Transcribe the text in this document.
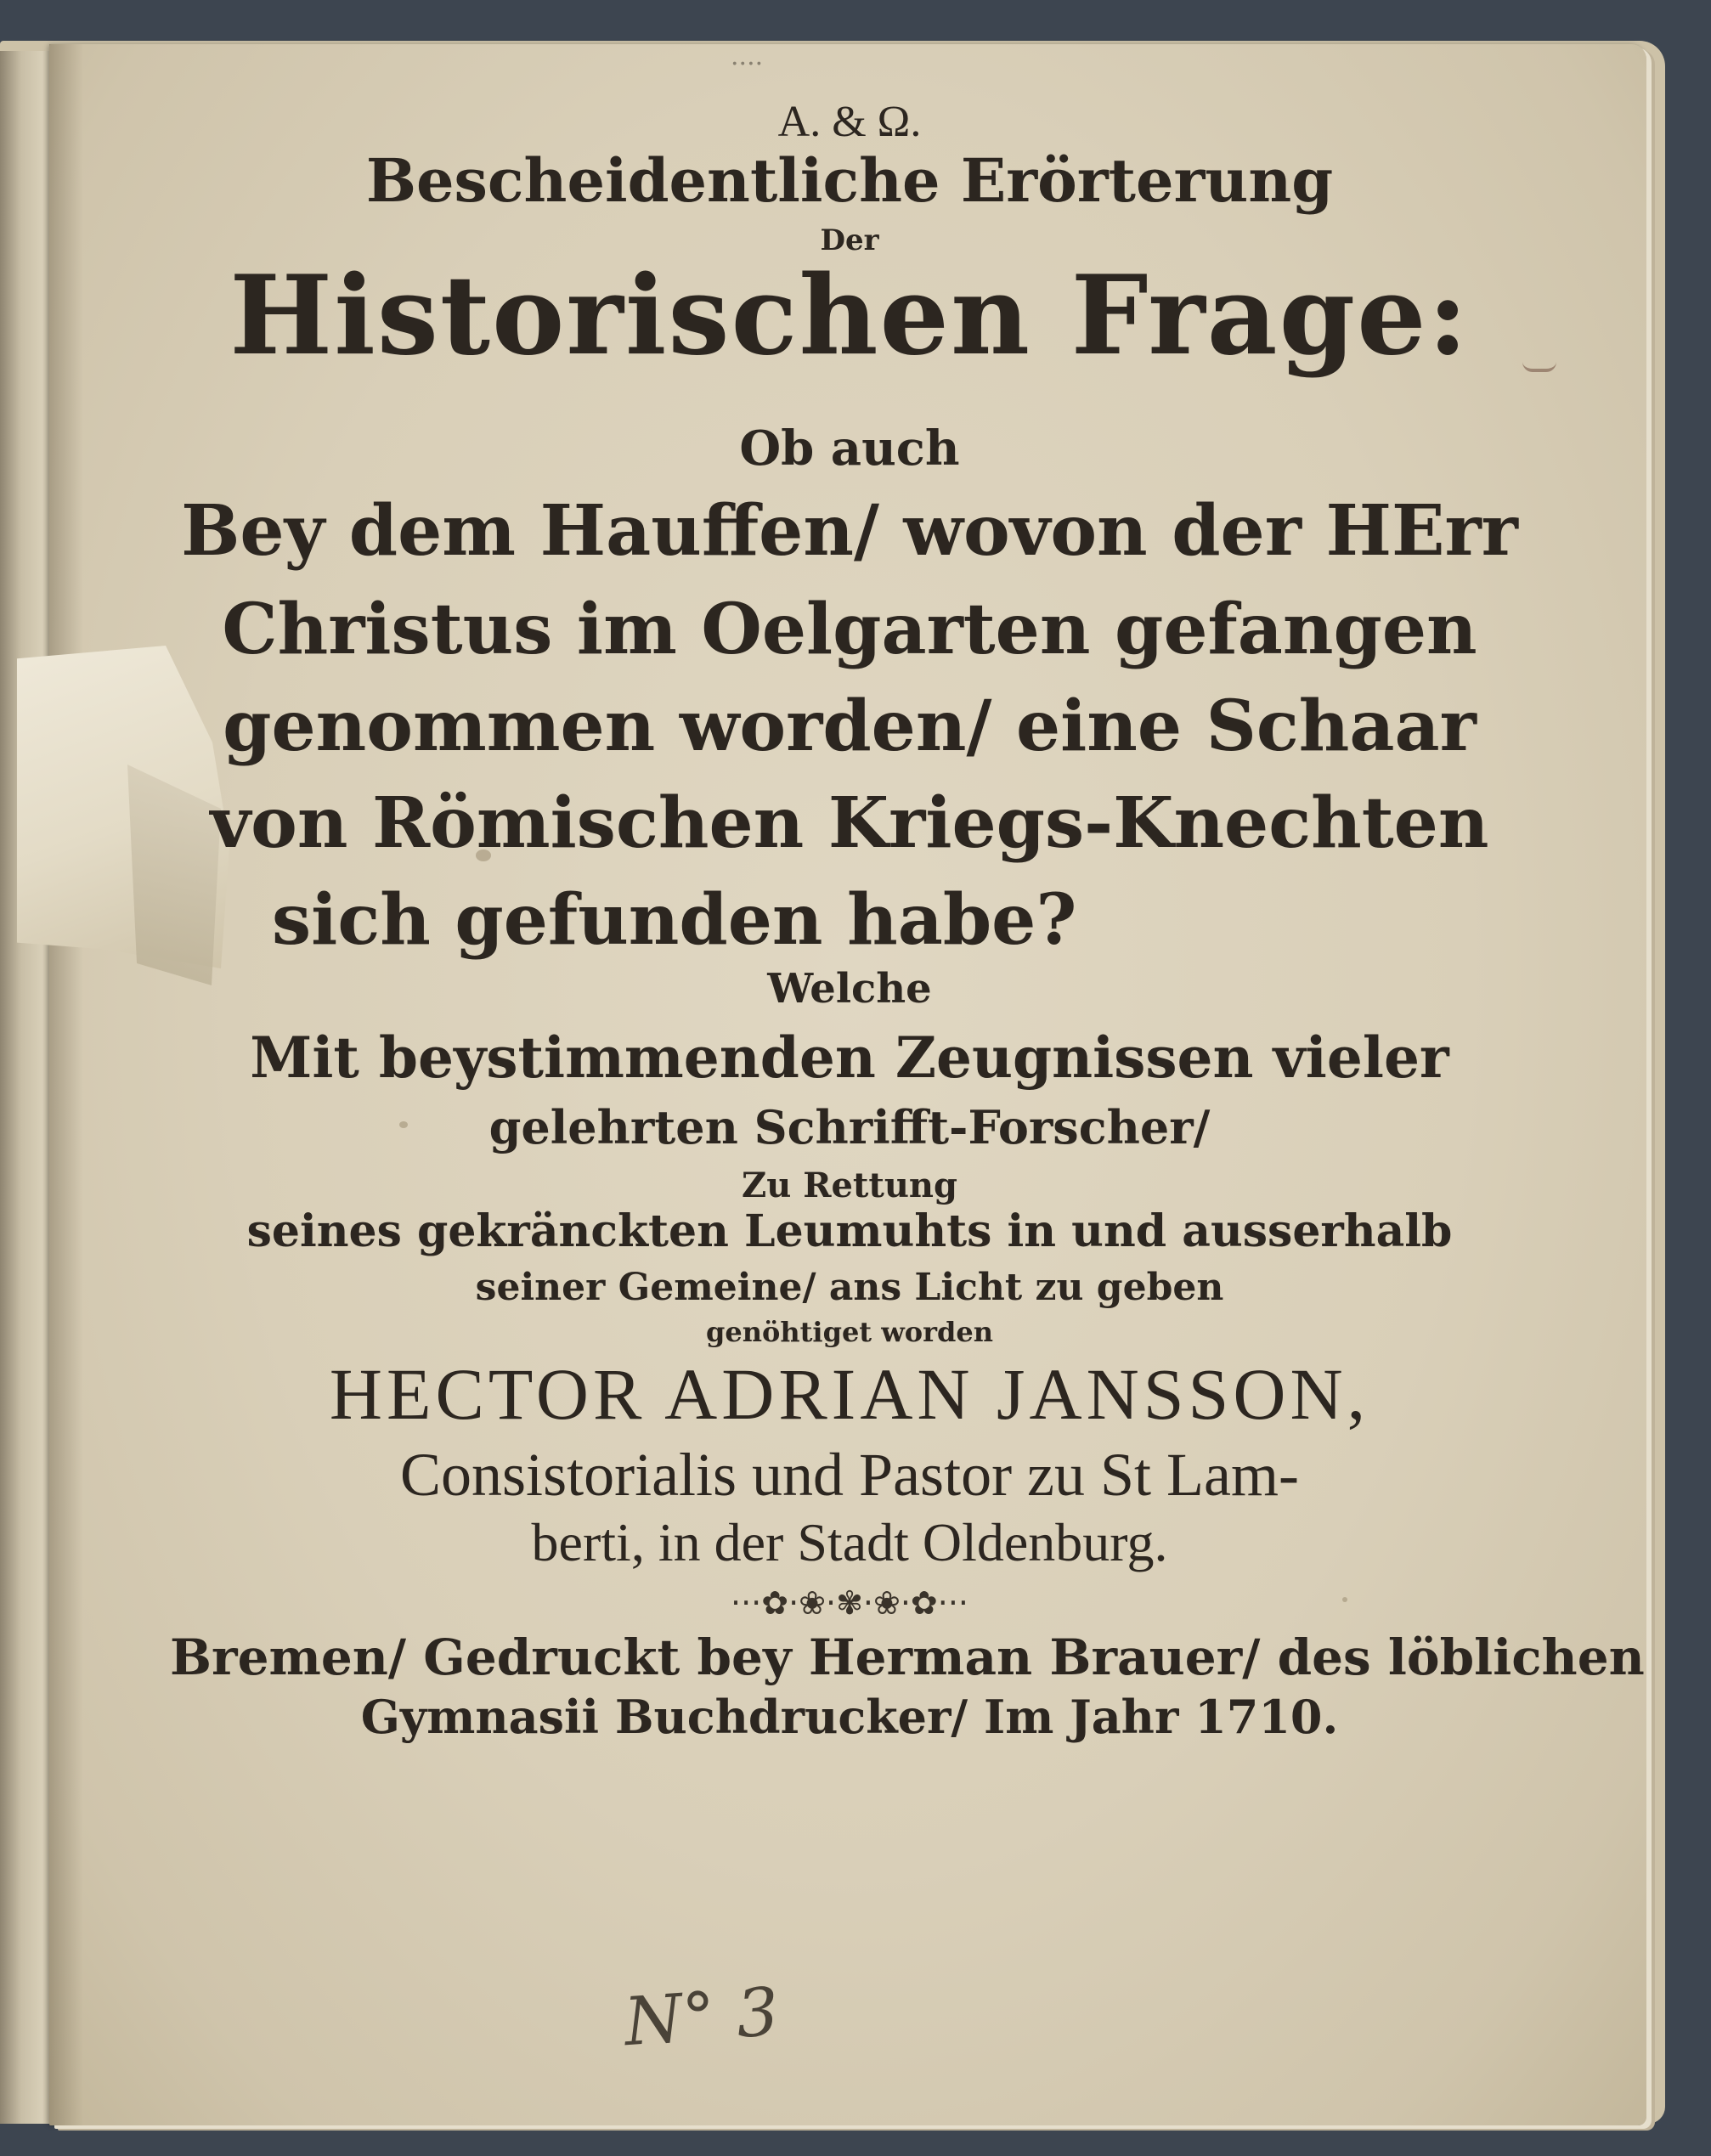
····
A. & Ω.
Bescheidentliche Erörterung
Der
Historischen Frage:
Ob auch
Bey dem Hauffen/ wovon der HErr
Christus im Oelgarten gefangen
genommen worden/ eine Schaar
von Römischen Kriegs-Knechten
sich gefunden habe?
Welche
Mit beystimmenden Zeugnissen vieler
gelehrten Schrifft-Forscher/
Zu Rettung
seines gekränckten Leumuhts in und ausserhalb
seiner Gemeine/ ans Licht zu geben
genöhtiget worden
HECTOR ADRIAN JANSSON,
Consistorialis und Pastor zu St Lam-
berti, in der Stadt Oldenburg.
···✿·❀·✾·❀·✿···
Bremen/ Gedruckt bey Herman Brauer/ des löblichen
Gymnasii Buchdrucker/ Im Jahr 1710.
N° 3
